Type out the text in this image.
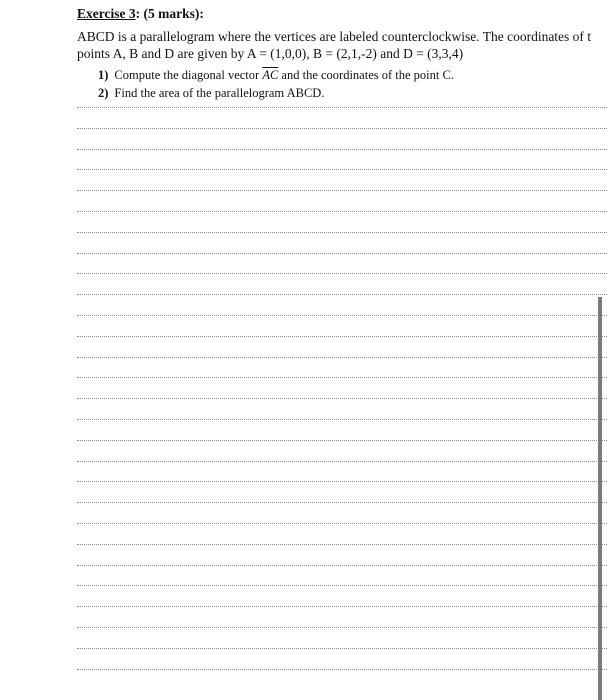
Exercise 3: (5 marks):
ABCD is a parallelogram where the vertices are labeled counterclockwise. The coordinates of t
points A, B and D are given by A = (1,0,0), B = (2,1,-2) and D = (3,3,4)
1) Compute the diagonal vector $\overline{AC}$ and the coordinates of the point C.
2) Find the area of the parallelogram ABCD.
